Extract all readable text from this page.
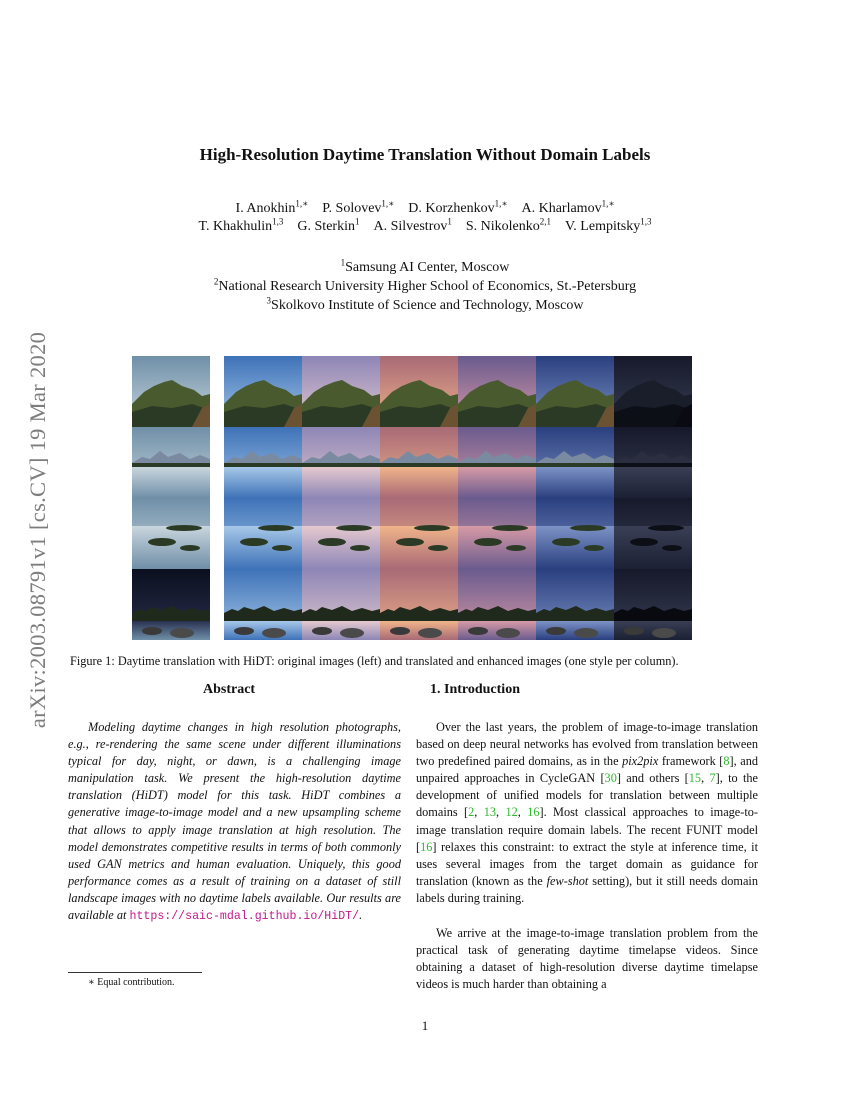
arXiv:2003.08791v1 [cs.CV] 19 Mar 2020
High-Resolution Daytime Translation Without Domain Labels
I. Anokhin$^{1,∗}$ P. Solovev$^{1,∗}$ D. Korzhenkov$^{1,∗}$ A. Kharlamov$^{1,∗}$
T. Khakhulin$^{1,3}$ G. Sterkin$^1$ A. Silvestrov$^1$ S. Nikolenko$^{2,1}$ V. Lempitsky$^{1,3}$
$^1$Samsung AI Center, Moscow
$^2$National Research University Higher School of Economics, St.-Petersburg
$^3$Skolkovo Institute of Science and Technology, Moscow
Figure 1: Daytime translation with HiDT: original images (left) and translated and enhanced images (one style per column).
Abstract	1. Introduction
Modeling daytime changes in high resolution photographs, e.g., re-rendering the same scene under different illuminations typical for day, night, or dawn, is a challenging image manipulation task. We present the high-resolution daytime translation (HiDT) model for this task. HiDT combines a generative image-to-image model and a new upsampling scheme that allows to apply image translation at high resolution. The model demonstrates competitive results in terms of both commonly used GAN metrics and human evaluation. Uniquely, this good performance comes as a result of training on a dataset of still landscape images with no daytime labels available. Our results are available at https://saic-mdal.github.io/HiDT/.
Over the last years, the problem of image-to-image translation based on deep neural networks has evolved from translation between two predefined paired domains, as in the pix2pix framework [8], and unpaired approaches in CycleGAN [30] and others [15, 7], to the development of unified models for translation between multiple domains [2, 13, 12, 16]. Most classical approaches to image-to-image translation require domain labels. The recent FUNIT model [16] relaxes this constraint: to extract the style at inference time, it uses several images from the target domain as guidance for translation (known as the few-shot setting), but it still needs domain labels during training.
We arrive at the image-to-image translation problem from the practical task of generating daytime timelapse videos. Since obtaining a dataset of high-resolution diverse daytime timelapse videos is much harder than obtaining a
∗ Equal contribution.
1
